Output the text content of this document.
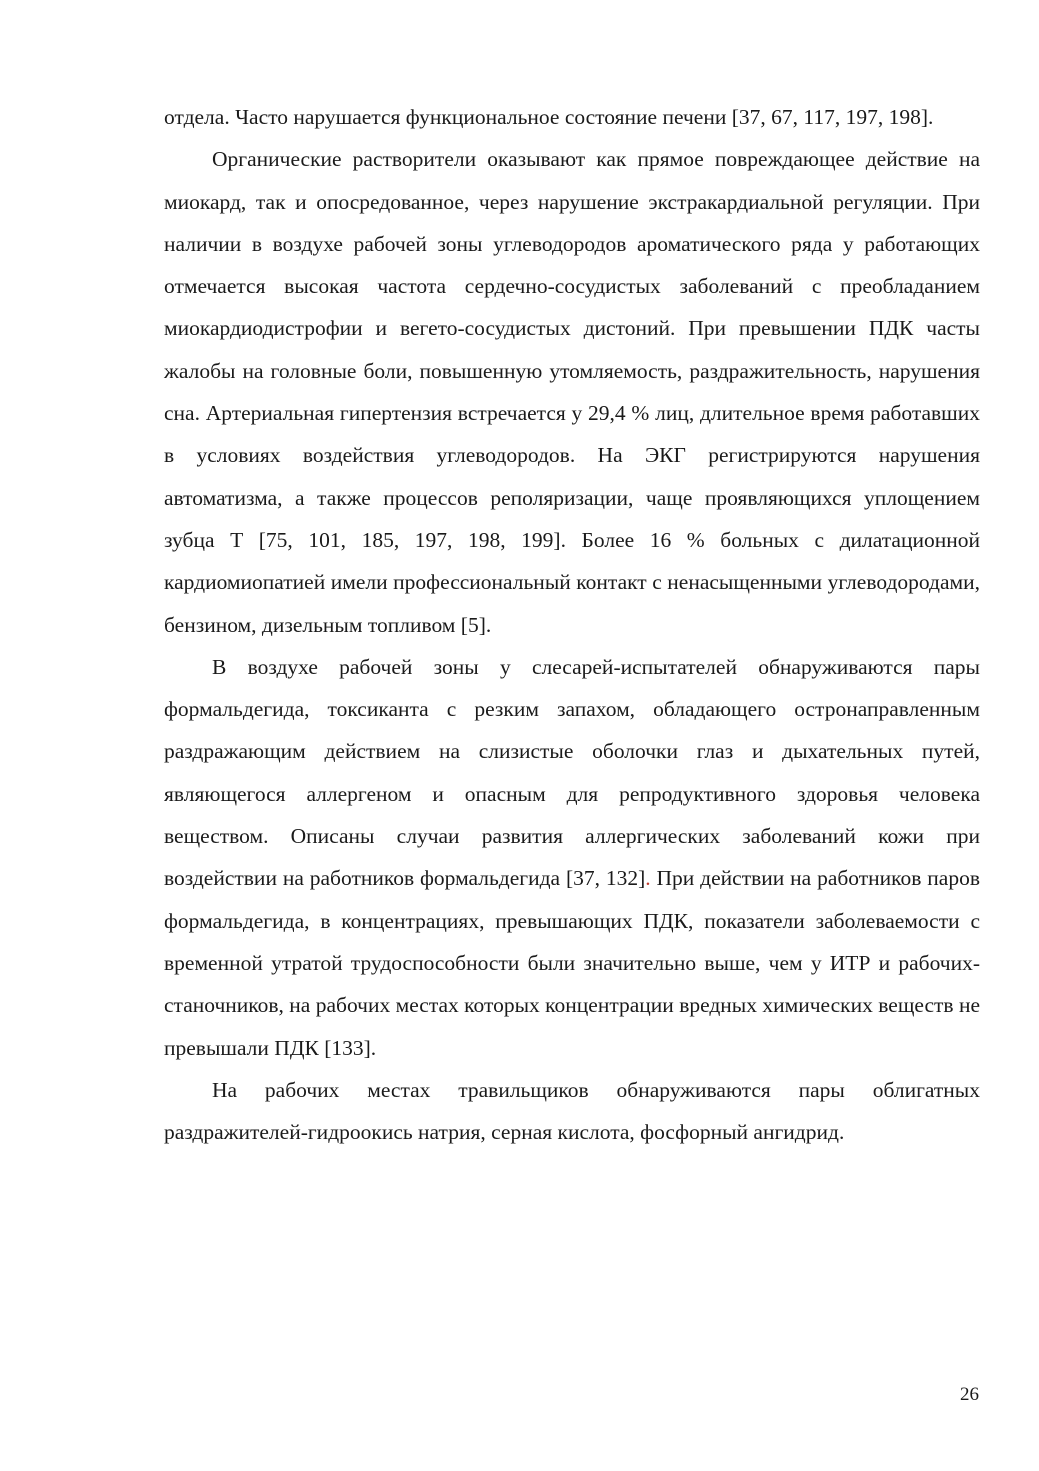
отдела. Часто нарушается функциональное состояние печени [37, 67, 117, 197, 198].

Органические растворители оказывают как прямое повреждающее действие на миокард, так и опосредованное, через нарушение экстракардиальной регуляции. При наличии в воздухе рабочей зоны углеводородов ароматического ряда у работающих отмечается высокая частота сердечно-сосудистых заболеваний с преобладанием миокардиодистрофии и вегето-сосудистых дистоний. При превышении ПДК часты жалобы на головные боли, повышенную утомляемость, раздражительность, нарушения сна. Артериальная гипертензия встречается у 29,4 % лиц, длительное время работавших в условиях воздействия углеводородов. На ЭКГ регистрируются нарушения автоматизма, а также процессов реполяризации, чаще проявляющихся уплощением зубца Т [75, 101, 185, 197, 198, 199]. Более 16 % больных с дилатационной кардиомиопатией имели профессиональный контакт с ненасыщенными углеводородами, бензином, дизельным топливом [5].

В воздухе рабочей зоны у слесарей-испытателей обнаруживаются пары формальдегида, токсиканта с резким запахом, обладающего остронаправленным раздражающим действием на слизистые оболочки глаз и дыхательных путей, являющегося аллергеном и опасным для репродуктивного здоровья человека веществом. Описаны случаи развития аллергических заболеваний кожи при воздействии на работников формальдегида [37, 132]. При действии на работников паров формальдегида, в концентрациях, превышающих ПДК, показатели заболеваемости с временной утратой трудоспособности были значительно выше, чем у ИТР и рабочих-станочников, на рабочих местах которых концентрации вредных химических веществ не превышали ПДК [133].

На рабочих местах травильщиков обнаруживаются пары облигатных раздражителей-гидроокись натрия, серная кислота, фосфорный ангидрид.

26
